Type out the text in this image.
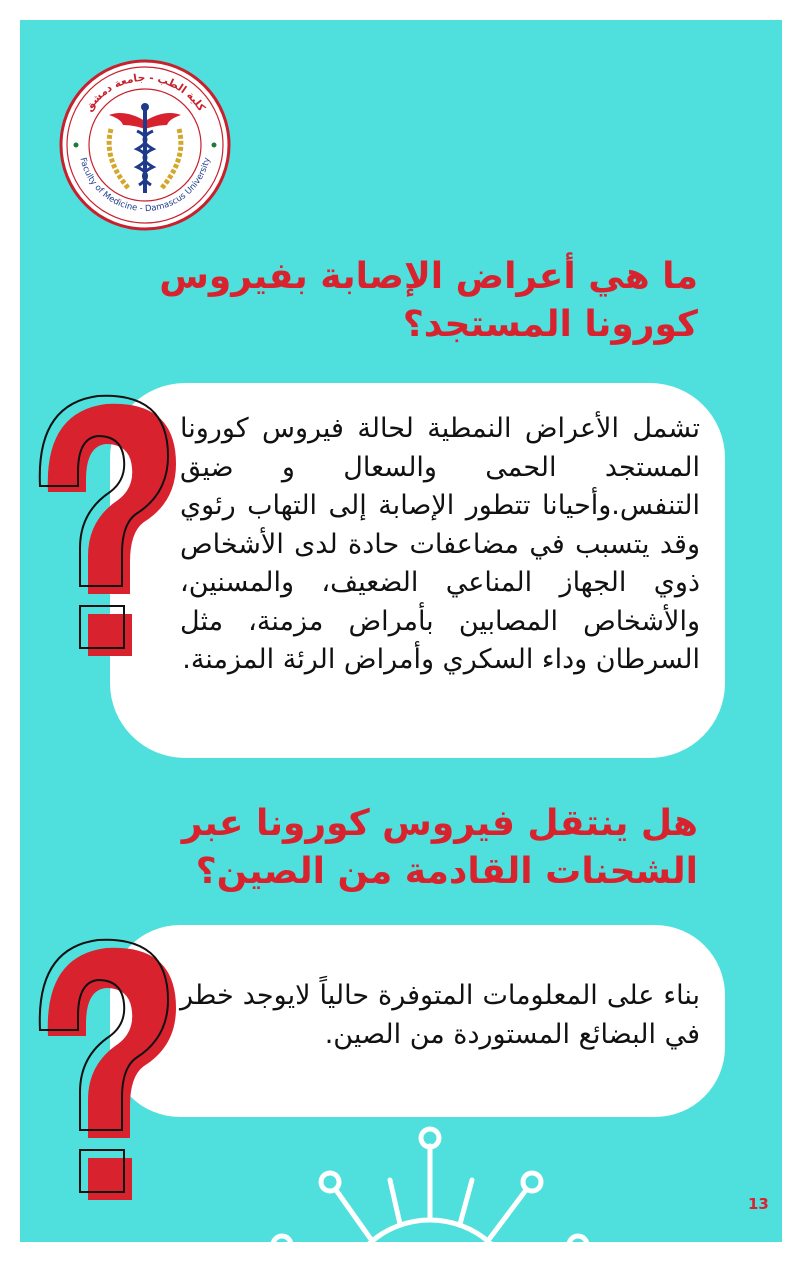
كلية الطب - جامعة دمشق
Faculty of Medicine - Damascus University
ما هي أعراض الإصابة بفيروس كورونا المستجد؟

تشمل الأعراض النمطية لحالة فيروس كورونا المستجد الحمى والسعال و ضيق التنفس.وأحيانا تتطور الإصابة إلى التهاب رئوي وقد يتسبب في مضاعفات حادة لدى الأشخاص ذوي الجهاز المناعي الضعيف، والمسنين، والأشخاص المصابين بأمراض مزمنة، مثل السرطان وداء السكري وأمراض الرئة المزمنة.

هل ينتقل فيروس كورونا عبر الشحنات القادمة من الصين؟

بناء على المعلومات المتوفرة حالياً لايوجد خطر في البضائع المستوردة من الصين.

13
